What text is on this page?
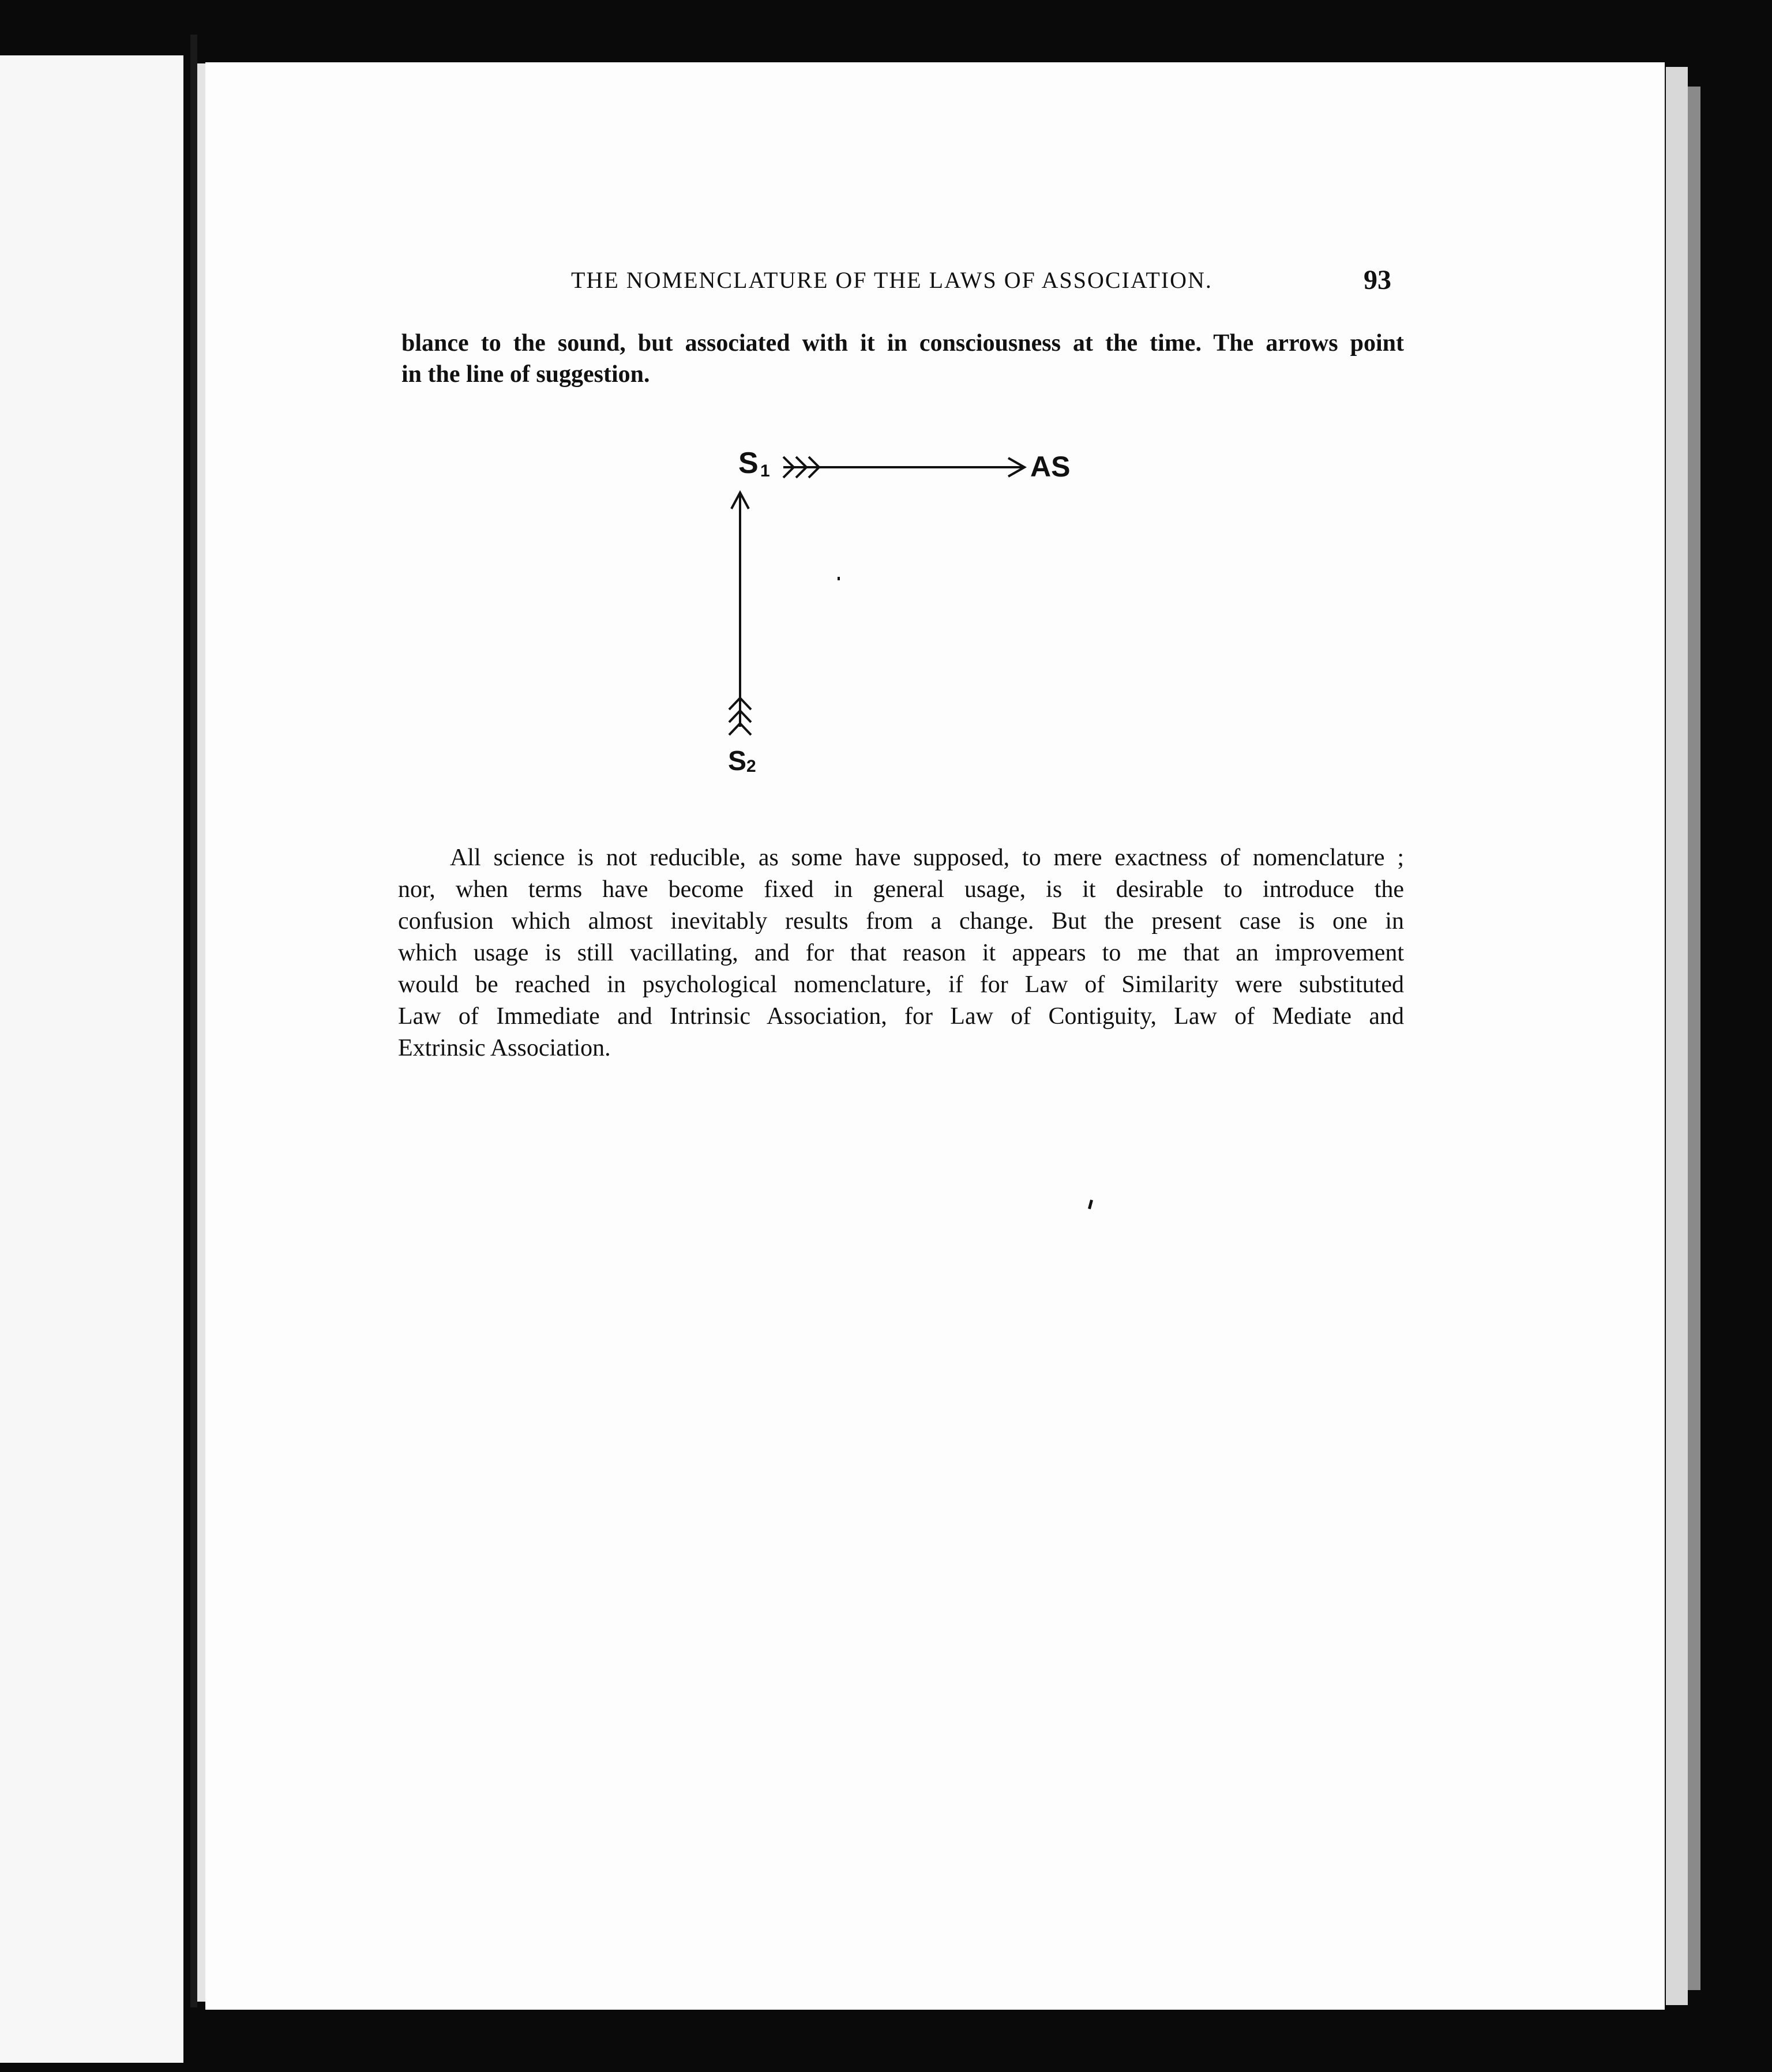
THE NOMENCLATURE OF THE LAWS OF ASSOCIATION.	93
blance to the sound, but associated with it in consciousness at the time. The arrows point
in the line of suggestion.
S 1	AS
S 2
All science is not reducible, as some have supposed, to mere exactness of nomenclature ;
nor, when terms have become fixed in general usage, is it desirable to introduce the
confusion which almost inevitably results from a change. But the present case is one in
which usage is still vacillating, and for that reason it appears to me that an improvement
would be reached in psychological nomenclature, if for Law of Similarity were substituted
Law of Immediate and Intrinsic Association, for Law of Contiguity, Law of Mediate and
Extrinsic Association.
